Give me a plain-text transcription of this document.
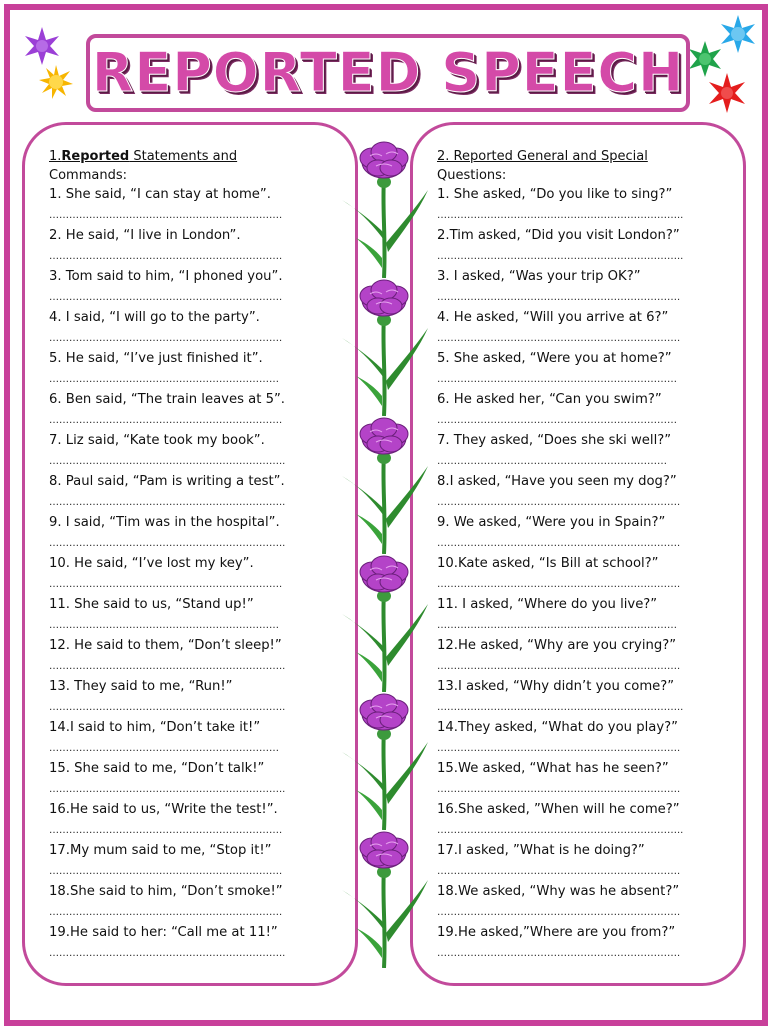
REPORTED SPEECH

1.Reported Statements and
Commands:

1. She said, “I can stay at home”.
…………………………………………………………….
2. He said, “I live in London”.
…………………………………………………………….
3. Tom said to him, “I phoned you”.
…………………………………………………………….
4. I said, “I will go to the party”.
…………………………………………………………….
5. He said, “I’ve just finished it”.
……………………………………………………………
6. Ben said, “The train leaves at 5”.
…………………………………………………………….
7. Liz said, “Kate took my book”.
……………………………………………………………..
8. Paul said, “Pam is writing a test”.
……………………………………………………………..
9. I said, “Tim was in the hospital”.
……………………………………………………………..
10. He said, “I’ve lost my key”.
…………………………………………………………….
11. She said to us, “Stand up!”
……………………………………………………………
12. He said to them, “Don’t sleep!”
……………………………………………………………..
13. They said to me, “Run!”
……………………………………………………………..
14.I said to him, “Don’t take it!”
……………………………………………………………
15. She said to me, “Don’t talk!”
……………………………………………………………..
16.He said to us, “Write the test!”.
…………………………………………………………….
17.My mum said to me, “Stop it!”
…………………………………………………………….
18.She said to him, “Don’t smoke!”
…………………………………………………………….
19.He said to her: “Call me at 11!”
……………………………………………………………..

2. Reported General and Special
Questions:

1. She asked, “Do you like to sing?”
………………………………………………………………..
2.Tim asked, “Did you visit London?”
………………………………………………………………..
3. I asked, “Was your trip OK?”
……………………………………………………………….
4. He asked, “Will you arrive at 6?”
……………………………………………………………….
5. She asked, “Were you at home?”
………………………………………………………………
6. He asked her, “Can you swim?”
………………………………………………………………
7. They asked, “Does she ski well?”
……………………………………………………………
8.I asked, “Have you seen my dog?”
……………………………………………………………….
9. We asked, “Were you in Spain?”
……………………………………………………………….
10.Kate asked, “Is Bill at school?”
……………………………………………………………….
11. I asked, “Where do you live?”
………………………………………………………………
12.He asked, “Why are you crying?”
……………………………………………………………….
13.I asked, “Why didn’t you come?”
………………………………………………………………..
14.They asked, “What do you play?”
……………………………………………………………….
15.We asked, “What has he seen?”
……………………………………………………………….
16.She asked, ”When will he come?”
………………………………………………………………..
17.I asked, ”What is he doing?”
……………………………………………………………….
18.We asked, “Why was he absent?”
……………………………………………………………….
19.He asked,”Where are you from?”
……………………………………………………………….
